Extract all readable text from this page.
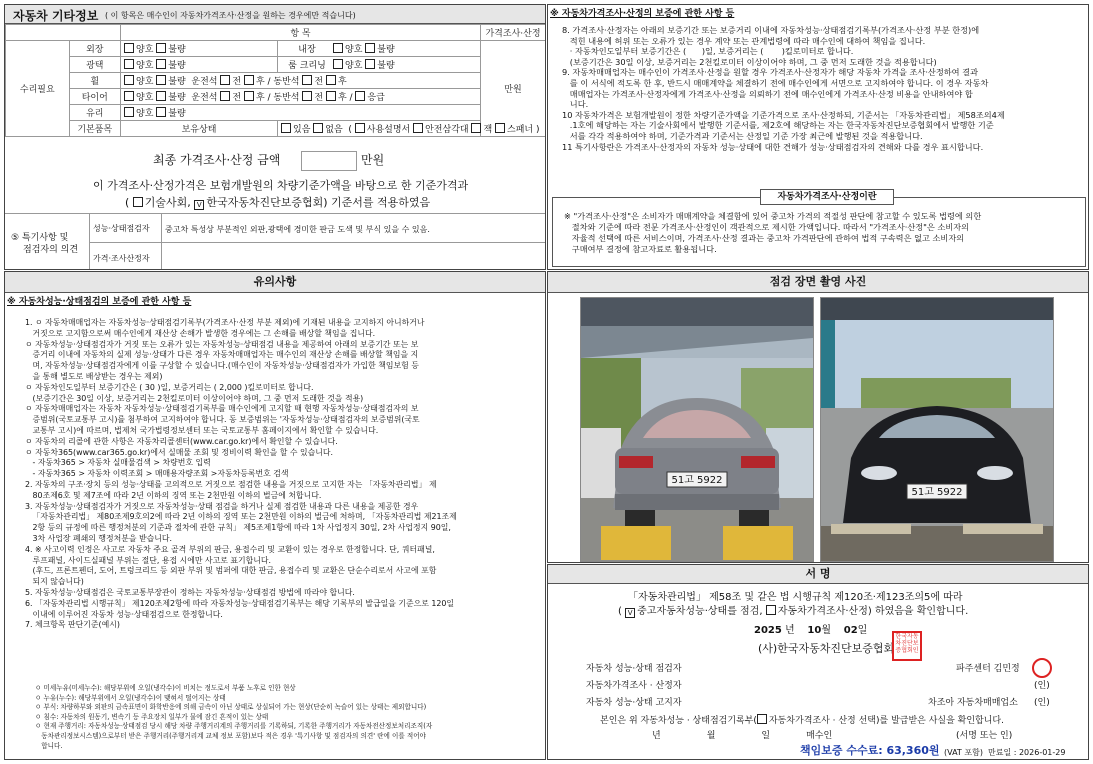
자동차 기타정보 ( 이 항목은 매수인이 자동차가격조사·산정을 원하는 경우에만 적습니다)
		항 목		가격조사·산정
수리필요	외장	양호 불량	내장 양호 불량	만원
	광택	양호 불량	룸 크리닝 양호 불량	
	휠	양호 불량 운전석 전 후 / 동반석 전 후		
	타이어	양호 불량 운전석 전 후 / 동반석 전 후 / 응급		
	유리	양호 불량		
	기본품목	보유상태	있음 없음  ( 사용설명서 안전삼각대 잭 스패너 )	
최종 가격조사·산정 금액	만원
이 가격조사·산정가격은 보험개발원의 차량기준가액을 바탕으로 한 기준가격과
( 기술사회, V 한국자동차진단보증협회) 기준서를 적용하였음
⑤ 특기사항 및
점검자의 의견
성능·상태점검자 중고차 특성상 부분적인 외판,광택에 경미한 판금 도색 및 부식 있을 수 있음.
가격·조사산정자
※ 자동차가격조사·산정의 보증에 관한 사항 등
8. 가격조사·산정자는 아래의 보증기간 또는 보증거리 이내에 자동차성능·상태점검기록부(가격조사·산정 부분 한정)에
적힌 내용에 허위 또는 오류가 있는 경우 계약 또는 관계법령에 따라 매수인에 대하여 책임을 집니다.
· 자동차인도일부터 보증기간은 (      )일, 보증거리는 (       )킬로미터로 합니다.
(보증기간은 30일 이상, 보증거리는 2천킬로미터 이상이어야 하며, 그 중 먼저 도래한 것을 적용합니다)
9. 자동차매매업자는 매수인이 가격조사·산정을 원할 경우 가격조사·산정자가 해당 자동차 가격을 조사·산정하여 결과
를 이 서식에 적도록 한 후, 반드시 매매계약을 체결하기 전에 매수인에게 서면으로 고지하여야 합니다. 이 경우 자동차
매매업자는 가격조사·산정자에게 가격조사·산정을 의뢰하기 전에 매수인에게 가격조사·산정 비용을 안내하여야 합
니다.
10 자동차가격은 보험개발원이 정한 차량기준가액을 기준가격으로 조사·산정하되, 기준서는 「자동차관리법」 제58조의4제
.1호에 해당하는 자는 기술사회에서 발행한 기준서를, 제2호에 해당하는 자는 한국자동차진단보증협회에서 발행한 기준
서를 각각 적용하여야 하며, 기준가격과 기준서는 산정일 기준 가장 최근에 발행된 것을 적용합니다.
11 특기사항란은 가격조사·산정자의 자동차 성능·상태에 대한 견해가 성능·상태점검자의 견해와 다를 경우 표시합니다.
자동차가격조사·산정이란
※ "가격조사·산정"은 소비자가 매매계약을 체결함에 있어 중고차 가격의 적절성 판단에 참고할 수 있도록 법령에 의한
절차와 기준에 따라 전문 가격조사·산정인이 객관적으로 제시한 가액입니다. 따라서 "가격조사·산정"은 소비자의
자율적 선택에 따른 서비스이며, 가격조사·산정 결과는 중고차 가격판단에 관하여 법적 구속력은 없고 소비자의
구매여부 결정에 참고자료로 활용됩니다.
유의사항
※ 자동차성능·상태점검의 보증에 관한 사항 등
1. ㅇ 자동차매매업자는 자동차성능·상태점검기록부(가격조사·산정 부분 제외)에 기재된 내용을 고지하지 아니하거나
거짓으로 고지함으로써 매수인에게 재산상 손해가 발생한 경우에는 그 손해를 배상할 책임을 집니다.
ㅇ 자동차성능·상태점검자가 거짓 또는 오류가 있는 자동차성능·상태점검 내용을 제공하여 아래의 보증기간 또는 보
증거리 이내에 자동차의 실제 성능·상태가 다른 경우 자동차매매업자는 매수인의 재산상 손해를 배상할 책임을 지
며, 자동차성능·상태점검자에게 이를 구상할 수 있습니다.(매수인이 자동차성능·상태점검자가 가입한 책임보험 등
을 통해 별도로 배상받는 경우는 제외)
ㅇ 자동차인도일부터 보증기간은 ( 30 )일, 보증거리는 ( 2,000 )킬로미터로 합니다.
(보증기간은 30일 이상, 보증거리는 2천킬로미터 이상이어야 하며, 그 중 먼저 도래한 것을 적용)
ㅇ 자동차매매업자는 자동차 자동차성능·상태점검기록부를 매수인에게 고지할 때 현행 자동차성능·상태점검자의 보
증범위(국토교통부 고시)를 첨부하여 고지하여야 합니다. 동 보증범위는 '자동차성능·상태점검자의 보증범위(국토
교통부 고시)에 따르며, 법제처 국가법령정보센터 또는 국토교통부 홈페이지에서 확인할 수 있습니다.
ㅇ 자동차의 리콜에 관한 사항은 자동차리콜센터(www.car.go.kr)에서 확인할 수 있습니다.
ㅇ 자동차365(www.car365.go.kr)에서 실매물 조회 및 정비이력 확인을 할 수 있습니다.
- 자동차365 > 자동차 실매물검색 > 차량번호 입력
- 자동차365 > 자동차 이력조회 > 매매용자량조회 >자동차등록번호 검색
2. 자동차의 구조·장치 등의 성능·상태를 고의적으로 거짓으로 점검한 내용을 거짓으로 고지한 자는 「자동차관리법」 제
80조제6호 및 제7조에 따라 2년 이하의 징역 또는 2천만원 이하의 벌금에 처합니다.
3. 자동차성능·상태점검자가 거짓으로 자동차성능·상태 점검을 하거나 실제 점검한 내용과 다른 내용을 제공한 경우
「자동차관리법」 제80조제9호의2에 따라 2년 이하의 징역 또는 2천만원 이하의 벌금에 처하며, 「자동차관리법 제21조제
2항 등의 규정에 따른 행정처분의 기준과 절차에 관한 규칙」 제5조제1항에 따라 1차 사업정지 30일, 2차 사업정지 90일,
3차 사업장 폐쇄의 행정처분을 받습니다.
4. ※ 사고이력 인정은 사고로 자동차 주요 골격 부위의 판금, 용접수리 및 교환이 있는 경우로 한정합니다. 단, 쿼터패널,
루프패널, 사이드실패널 부위는 절단, 용접 시에만 사고로 표기합니다.
(후드, 프론트펜더, 도어, 트렁크리드 등 외판 부위 및 범퍼에 대한 판금, 용접수리 및 교환은 단순수리로서 사고에 포함
되지 않습니다)
5. 자동차성능·상태점검은 국토교통부장관이 정하는 자동차성능·상태점검 방법에 따라야 합니다.
6. 「자동차관리법 시행규칙」 제120조제2항에 따라 자동차성능·상태점검기록부는 해당 기록부의 발급일을 기준으로 120일
이내에 이루어진 자동차 성능·상태점검으로 한정합니다.
7. 체크항목 판단기준(예시)
ㅇ 미세누유(미세누수): 해당부위에 오일(냉각수)이 비치는 정도로서 부품 노후로 인한 현상
ㅇ 누유(누수): 해당부위에서 오일(냉각수)이 맺혀서 떨어지는 상태
ㅇ 부식: 차량하부와 외판의 금속표면이 화학반응에 의해 금속이 아닌 상태로 상실되어 가는 현상(단순히 녹슬어 있는 상태는 제외합니다)
ㅇ 침수: 자동차의 원동기, 변속기 등 주요장치 일부가 물에 잠긴 흔적이 있는 상태
ㅇ 현재 주행거리: 자동차성능·상태점검 당시 해당 차량 주행거리계의 주행거리를 기록하되, 기록한 주행거리가 자동차전산정보처리조직(자
동차관리정보시스템)으로부터 받은 주행거리(주행거리계 교체 정보 포함)보다 적은 경우 '특기사항 및 점검자의 의견' 란에 이를 적어야
합니다.
점검 장면 촬영 사진
51고 5922
51고 5922
서 명
「자동차관리법」 제58조 및 같은 법 시행규칙 제120조·제123조의5에 따라
( V 중고자동차성능·상태를 점검, 자동차가격조사·산정) 하였음을 확인합니다.
2025 년 10월 02일
(사)한국자동차진단보증협회
한국자동차진단보증협회인
자동차 성능·상태 점검자	파주센터 김민정
자동차가격조사 · 산정자	(인)
자동차 성능·상태 고지자	차조아 자동차매매업소 (인)
본인은 위 자동차성능 · 상태점검기록부( 자동차가격조사 · 산정 선택)를 발급받은 사실을 확인합니다.
년	월	일	매수인	(서명 또는 인)
책임보증 수수료: 63,360원 (VAT 포함) 만료일 : 2026-01-29
